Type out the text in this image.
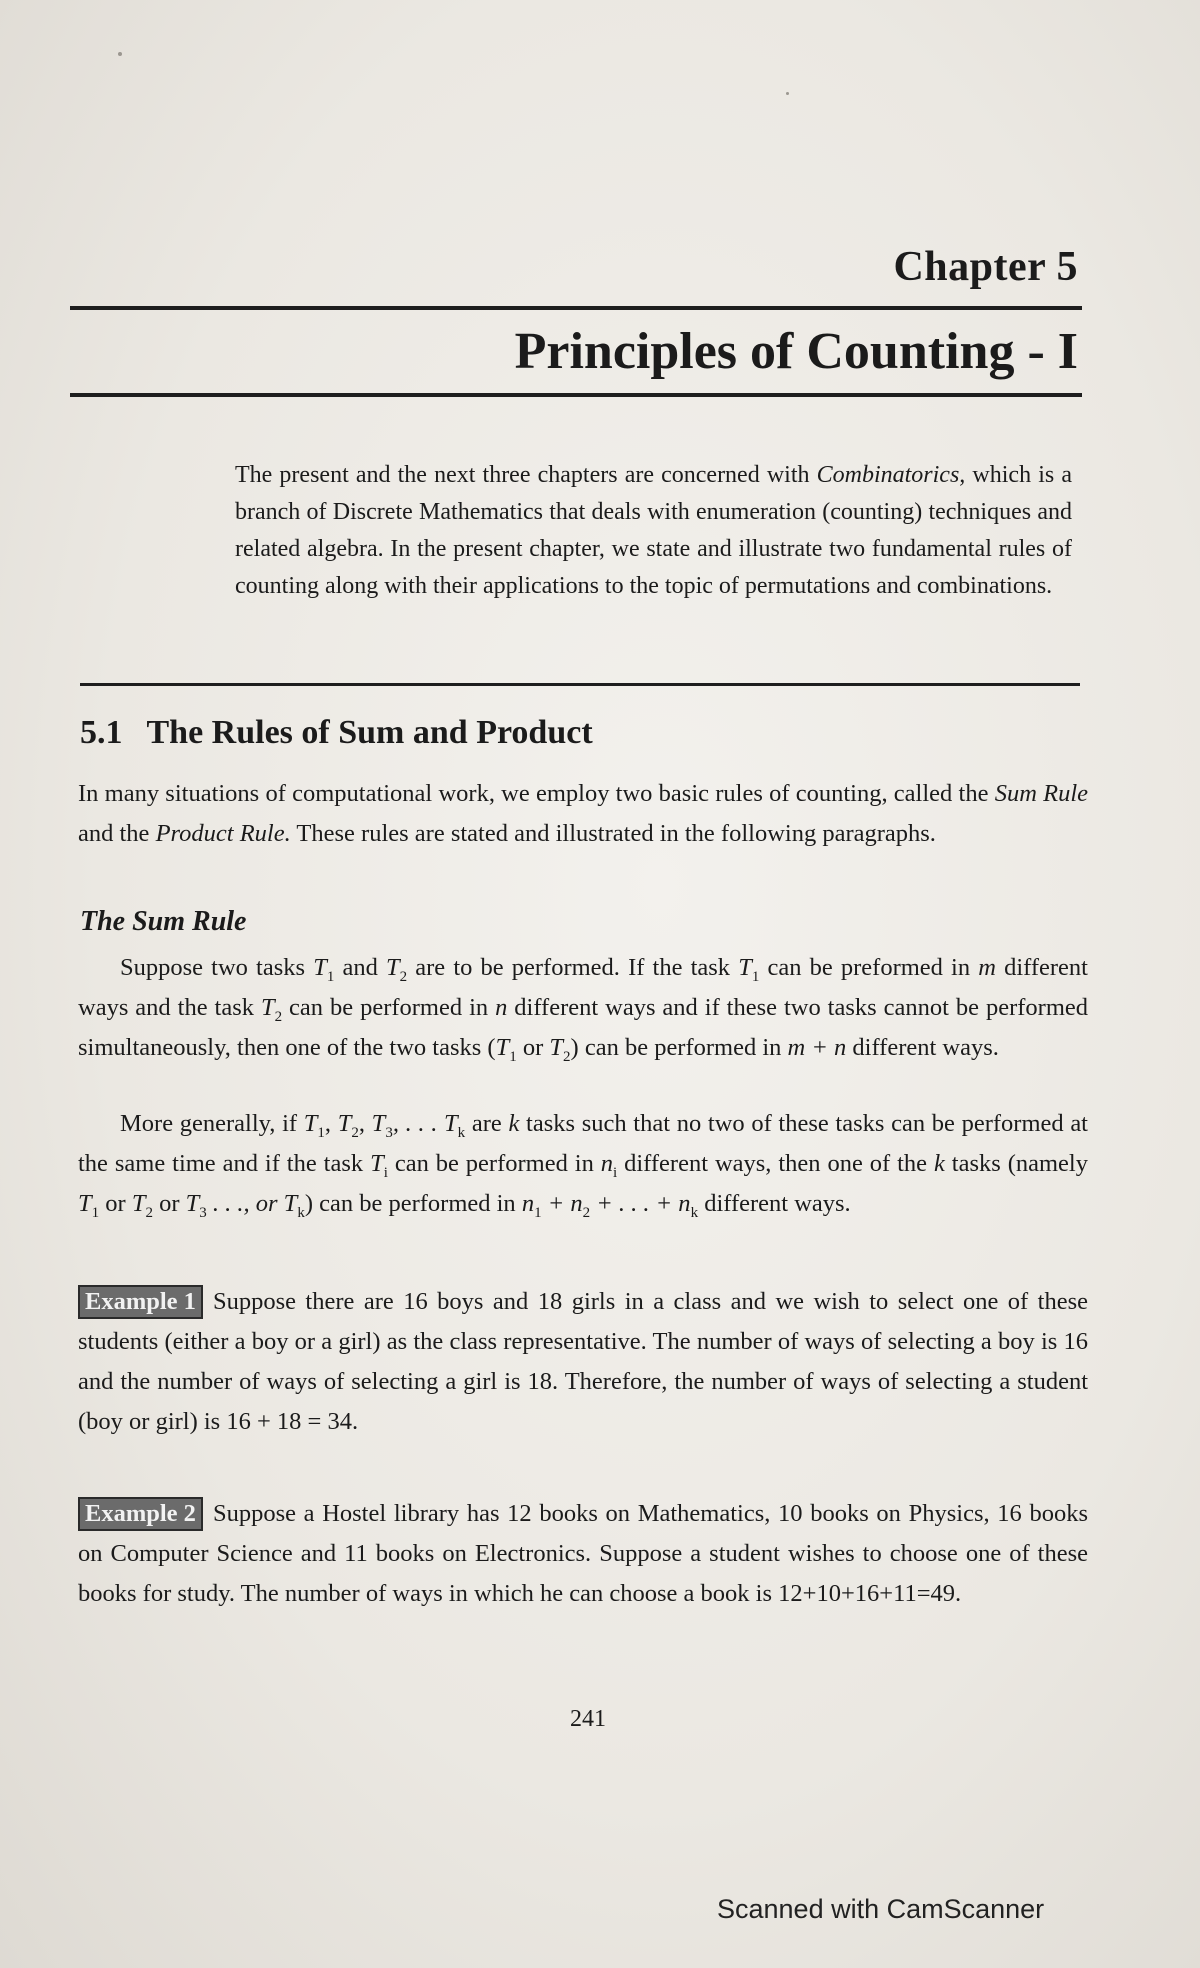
Chapter 5
Principles of Counting - I
The present and the next three chapters are concerned with Combinatorics, which is a branch of Discrete Mathematics that deals with enumeration (counting) techniques and related algebra. In the present chapter, we state and illustrate two fundamental rules of counting along with their applications to the topic of permutations and combinations.
5.1 The Rules of Sum and Product
In many situations of computational work, we employ two basic rules of counting, called the Sum Rule and the Product Rule. These rules are stated and illustrated in the following paragraphs.
The Sum Rule
Suppose two tasks $T_1$ and $T_2$ are to be performed. If the task $T_1$ can be preformed in m different ways and the task $T_2$ can be performed in n different ways and if these two tasks cannot be performed simultaneously, then one of the two tasks ($T_1$ or $T_2$) can be performed in m + n different ways.
More generally, if $T_1$, $T_2$, $T_3$, . . . $T_k$ are k tasks such that no two of these tasks can be performed at the same time and if the task $T_i$ can be performed in $n_i$ different ways, then one of the k tasks (namely $T_1$ or $T_2$ or $T_3$ . . ., or $T_k$) can be performed in $n_1 + n_2$ + . . . + $n_k$ different ways.
Example 1 Suppose there are 16 boys and 18 girls in a class and we wish to select one of these students (either a boy or a girl) as the class representative. The number of ways of selecting a boy is 16 and the number of ways of selecting a girl is 18. Therefore, the number of ways of selecting a student (boy or girl) is 16 + 18 = 34.
Example 2 Suppose a Hostel library has 12 books on Mathematics, 10 books on Physics, 16 books on Computer Science and 11 books on Electronics. Suppose a student wishes to choose one of these books for study. The number of ways in which he can choose a book is 12+10+16+11=49.
241
Scanned with CamScanner
